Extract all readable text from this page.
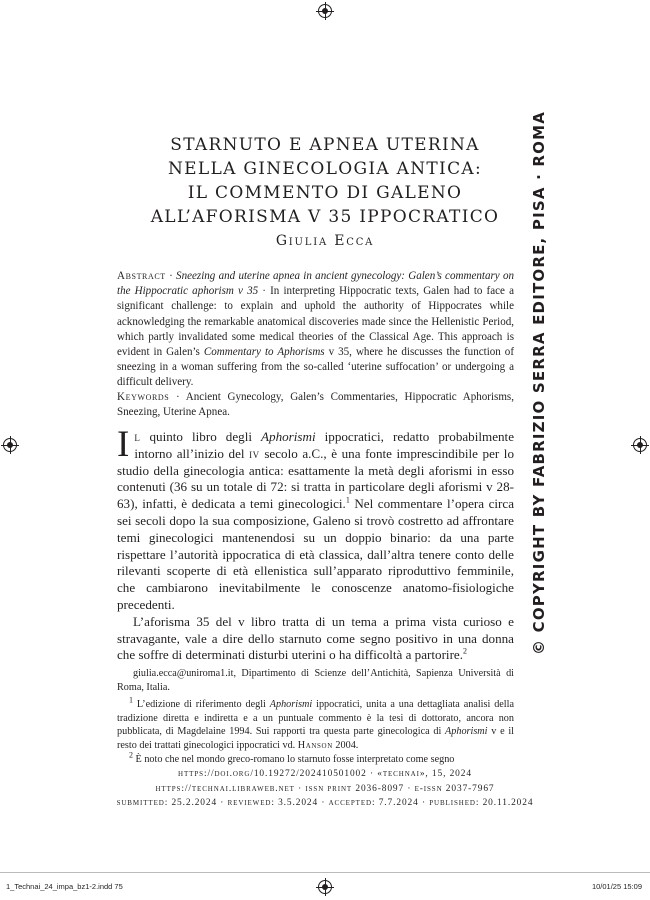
STARNUTO E APNEA UTERINA
NELLA GINECOLOGIA ANTICA:
IL COMMENTO DI GALENO
ALL’AFORISMA V 35 IPPOCRATICO
Giulia Ecca
Abstract · Sneezing and uterine apnea in ancient gynecology: Galen’s commentary on the Hippocratic aphorism v 35 · In interpreting Hippocratic texts, Galen had to face a significant challenge: to explain and uphold the authority of Hippocrates while acknowledging the remarkable anatomical discoveries made since the Hellenistic Period, which partly invalidated some medical theories of the Classical Age. This approach is evident in Galen’s Commentary to Aphorisms v 35, where he discusses the function of sneezing in a woman suffering from the so-called ‘uterine suffocation’ or undergoing a difficult delivery.
Keywords · Ancient Gynecology, Galen’s Commentaries, Hippocratic Aphorisms, Sneezing, Uterine Apnea.

Il quinto libro degli Aphorismi ippocratici, redatto probabilmente intorno all’inizio del iv secolo a.C., è una fonte imprescindibile per lo studio della ginecologia antica: esattamente la metà degli aforismi in esso contenuti (36 su un totale di 72: si tratta in particolare degli aforismi v 28-63), infatti, è dedicata a temi ginecologici.$^1$ Nel commentare l’opera circa sei secoli dopo la sua composizione, Galeno si trovò costretto ad affrontare temi ginecologici mantenendosi su un doppio binario: da una parte rispettare l’autorità ippocratica di età classica, dall’altra tenere conto delle rilevanti scoperte di età ellenistica sull’apparato riproduttivo femminile, che cambiarono inevitabilmente le conoscenze anatomo-fisiologiche precedenti.

L’aforisma 35 del v libro tratta di un tema a prima vista curioso e stravagante, vale a dire dello starnuto come segno positivo in una donna che soffre di determinati disturbi uterini o ha difficoltà a partorire.$^2$

giulia.ecca@uniroma1.it, Dipartimento di Scienze dell’Antichità, Sapienza Università di Roma, Italia.

$^1$ L’edizione di riferimento degli Aphorismi ippocratici, unita a una dettagliata analisi della tradizione diretta e indiretta e a un puntuale commento è la tesi di dottorato, ancora non pubblicata, di Magdelaine 1994. Sui rapporti tra questa parte ginecologica di Aphorismi v e il resto dei trattati ginecologici ippocratici vd. Hanson 2004.

$^2$ È noto che nel mondo greco-romano lo starnuto fosse interpretato come segno

https://doi.org/10.19272/202410501002 · «technai», 15, 2024
https://technai.libraweb.net · issn print 2036-8097 · e-issn 2037-7967
submitted: 25.2.2024 · reviewed: 3.5.2024 · accepted: 7.7.2024 · published: 20.11.2024
© COPYRIGHT BY FABRIZIO SERRA EDITORE, PISA · ROMA
1_Technai_24_impa_bz1-2.indd 75	10/01/25 15:09
